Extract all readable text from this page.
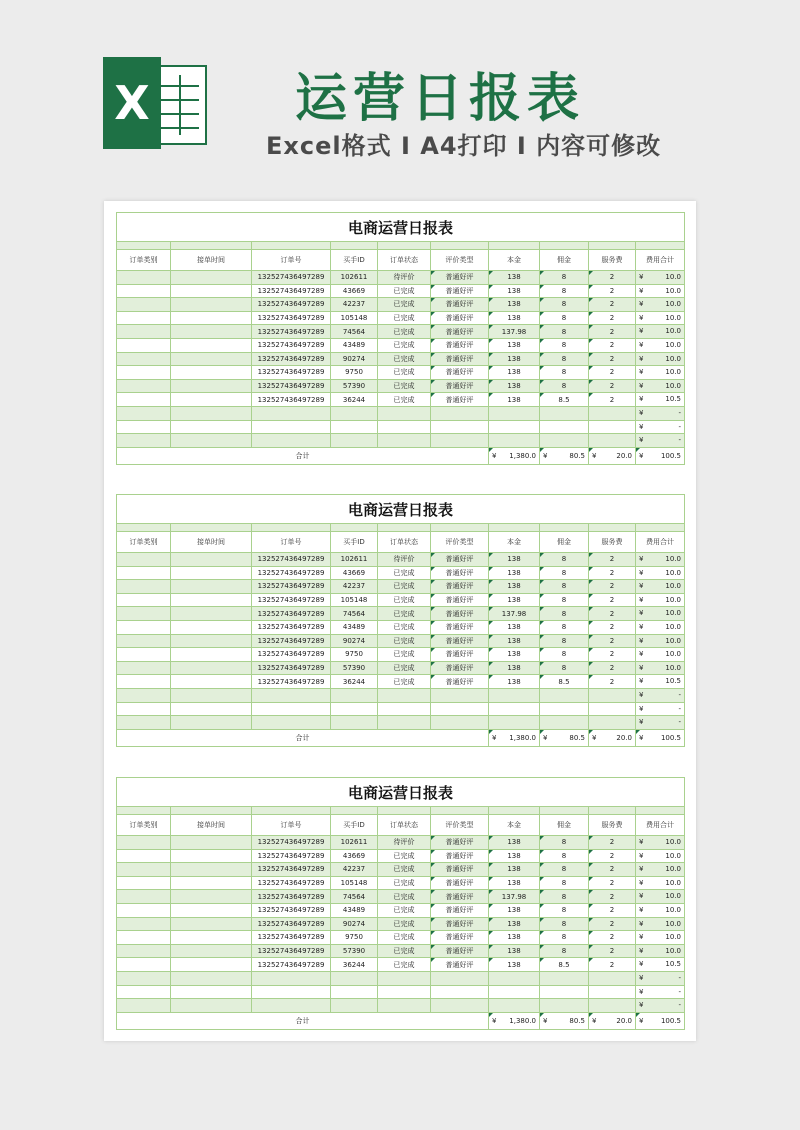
X	运营日报表
Excel格式 I A4打印 I 内容可修改
电商运营日报表									

订单类别	接单时间	订单号	买手ID	订单状态	评价类型	本金	佣金	服务费	费用合计
		132527436497289	102611	待评价	普通好评	138	8	2	¥ 10.0

		132527436497289	43669	已完成	普通好评	138	8	2	¥ 10.0

		132527436497289	42237	已完成	普通好评	138	8	2	¥ 10.0

		132527436497289	105148	已完成	普通好评	138	8	2	¥ 10.0

		132527436497289	74564	已完成	普通好评	137.98	8	2	¥ 10.0

		132527436497289	43489	已完成	普通好评	138	8	2	¥ 10.0

		132527436497289	90274	已完成	普通好评	138	8	2	¥ 10.0

		132527436497289	9750	已完成	普通好评	138	8	2	¥ 10.0

		132527436497289	57390	已完成	普通好评	138	8	2	¥ 10.0

		132527436497289	36244	已完成	普通好评	138	8.5	2	¥ 10.5

									¥ -

									¥ -

									¥ -

合计						¥ 1,380.0	¥ 80.5	¥ 20.0	¥ 100.5
电商运营日报表									

订单类别	接单时间	订单号	买手ID	订单状态	评价类型	本金	佣金	服务费	费用合计
		132527436497289	102611	待评价	普通好评	138	8	2	¥ 10.0

		132527436497289	43669	已完成	普通好评	138	8	2	¥ 10.0

		132527436497289	42237	已完成	普通好评	138	8	2	¥ 10.0

		132527436497289	105148	已完成	普通好评	138	8	2	¥ 10.0

		132527436497289	74564	已完成	普通好评	137.98	8	2	¥ 10.0

		132527436497289	43489	已完成	普通好评	138	8	2	¥ 10.0

		132527436497289	90274	已完成	普通好评	138	8	2	¥ 10.0

		132527436497289	9750	已完成	普通好评	138	8	2	¥ 10.0

		132527436497289	57390	已完成	普通好评	138	8	2	¥ 10.0

		132527436497289	36244	已完成	普通好评	138	8.5	2	¥ 10.5

									¥ -

									¥ -

									¥ -

合计						¥ 1,380.0	¥ 80.5	¥ 20.0	¥ 100.5
电商运营日报表									

订单类别	接单时间	订单号	买手ID	订单状态	评价类型	本金	佣金	服务费	费用合计
		132527436497289	102611	待评价	普通好评	138	8	2	¥ 10.0

		132527436497289	43669	已完成	普通好评	138	8	2	¥ 10.0

		132527436497289	42237	已完成	普通好评	138	8	2	¥ 10.0

		132527436497289	105148	已完成	普通好评	138	8	2	¥ 10.0

		132527436497289	74564	已完成	普通好评	137.98	8	2	¥ 10.0

		132527436497289	43489	已完成	普通好评	138	8	2	¥ 10.0

		132527436497289	90274	已完成	普通好评	138	8	2	¥ 10.0

		132527436497289	9750	已完成	普通好评	138	8	2	¥ 10.0

		132527436497289	57390	已完成	普通好评	138	8	2	¥ 10.0

		132527436497289	36244	已完成	普通好评	138	8.5	2	¥ 10.5

									¥ -

									¥ -

									¥ -

合计						¥ 1,380.0	¥ 80.5	¥ 20.0	¥ 100.5
